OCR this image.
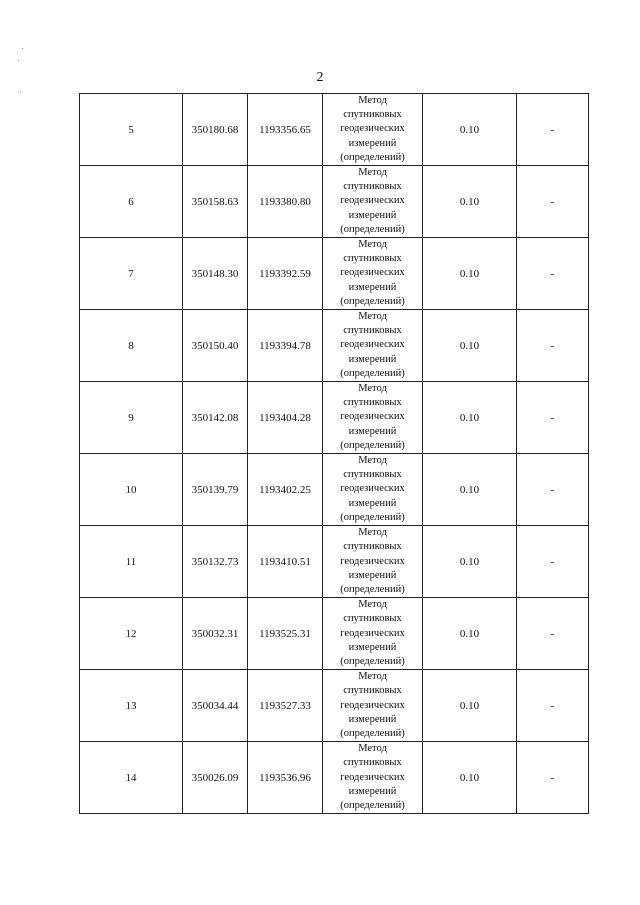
2
5	350180.68	1193356.65	Метод
спутниковых
геодезических
измерений
(определений)	0.10	-
6	350158.63	1193380.80	Метод
спутниковых
геодезических
измерений
(определений)	0.10	-
7	350148.30	1193392.59	Метод
спутниковых
геодезических
измерений
(определений)	0.10	-
8	350150.40	1193394.78	Метод
спутниковых
геодезических
измерений
(определений)	0.10	-
9	350142.08	1193404.28	Метод
спутниковых
геодезических
измерений
(определений)	0.10	-
10	350139.79	1193402.25	Метод
спутниковых
геодезических
измерений
(определений)	0.10	-
11	350132.73	1193410.51	Метод
спутниковых
геодезических
измерений
(определений)	0.10	-
12	350032.31	1193525.31	Метод
спутниковых
геодезических
измерений
(определений)	0.10	-
13	350034.44	1193527.33	Метод
спутниковых
геодезических
измерений
(определений)	0.10	-
14	350026.09	1193536.96	Метод
спутниковых
геодезических
измерений
(определений)	0.10	-
